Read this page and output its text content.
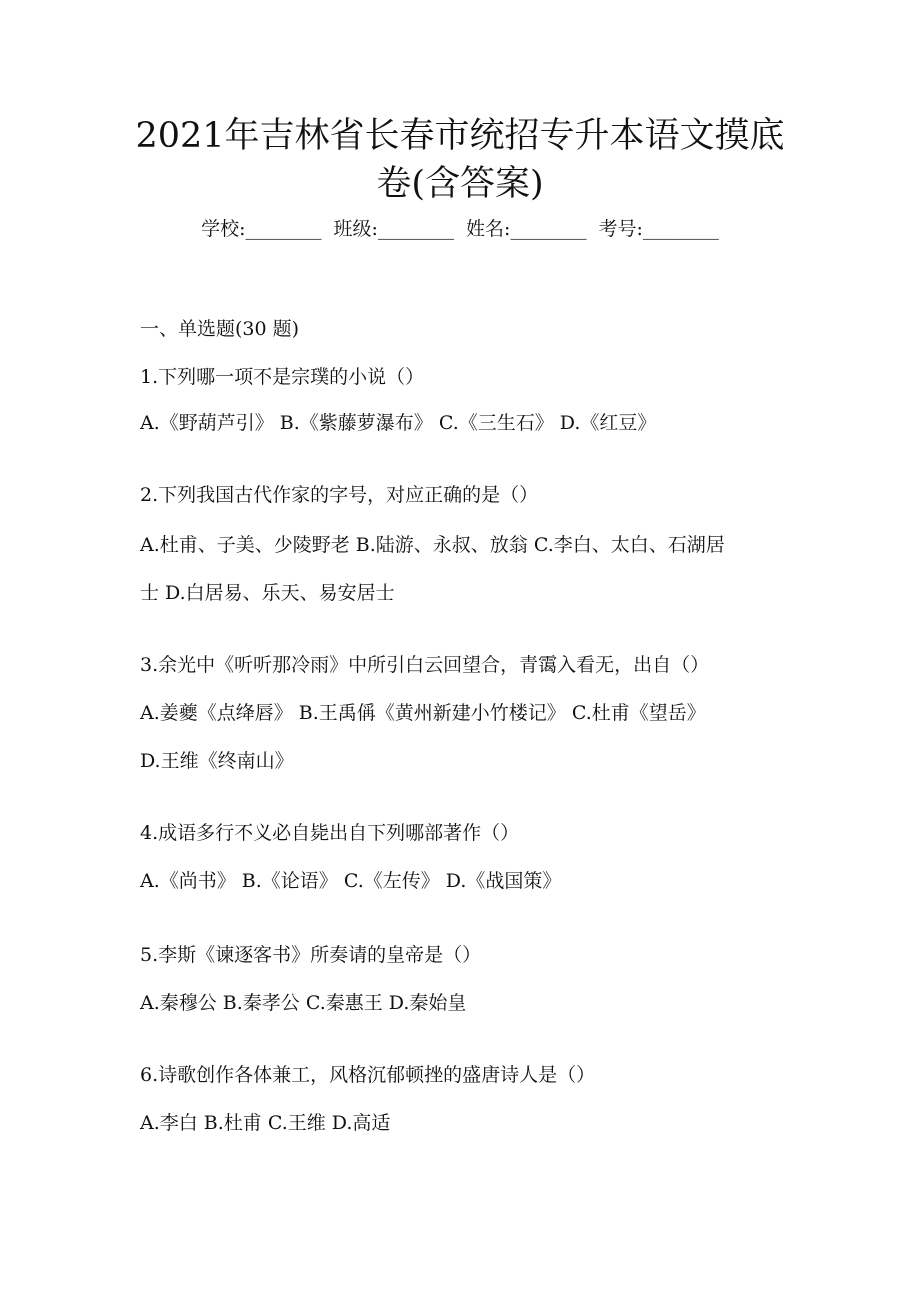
2021年吉林省长春市统招专升本语文摸底
卷(含答案)
学校:________  班级:________  姓名:________  考号:________
一、单选题(30 题)
1.下列哪一项不是宗璞的小说（）
A.《野葫芦引》 B.《紫藤萝瀑布》 C.《三生石》 D.《红豆》
2.下列我国古代作家的字号，对应正确的是（）
A.杜甫、子美、少陵野老 B.陆游、永叔、放翁 C.李白、太白、石湖居
士 D.白居易、乐天、易安居士
3.余光中《听听那冷雨》中所引白云回望合，青霭入看无，出自（）
A.姜夔《点绛唇》 B.王禹偁《黄州新建小竹楼记》 C.杜甫《望岳》
D.王维《终南山》
4.成语多行不义必自毙出自下列哪部著作（）
A.《尚书》 B.《论语》 C.《左传》 D.《战国策》
5.李斯《谏逐客书》所奏请的皇帝是（）
A.秦穆公 B.秦孝公 C.秦惠王 D.秦始皇
6.诗歌创作各体兼工，风格沉郁顿挫的盛唐诗人是（）
A.李白 B.杜甫 C.王维 D.高适
